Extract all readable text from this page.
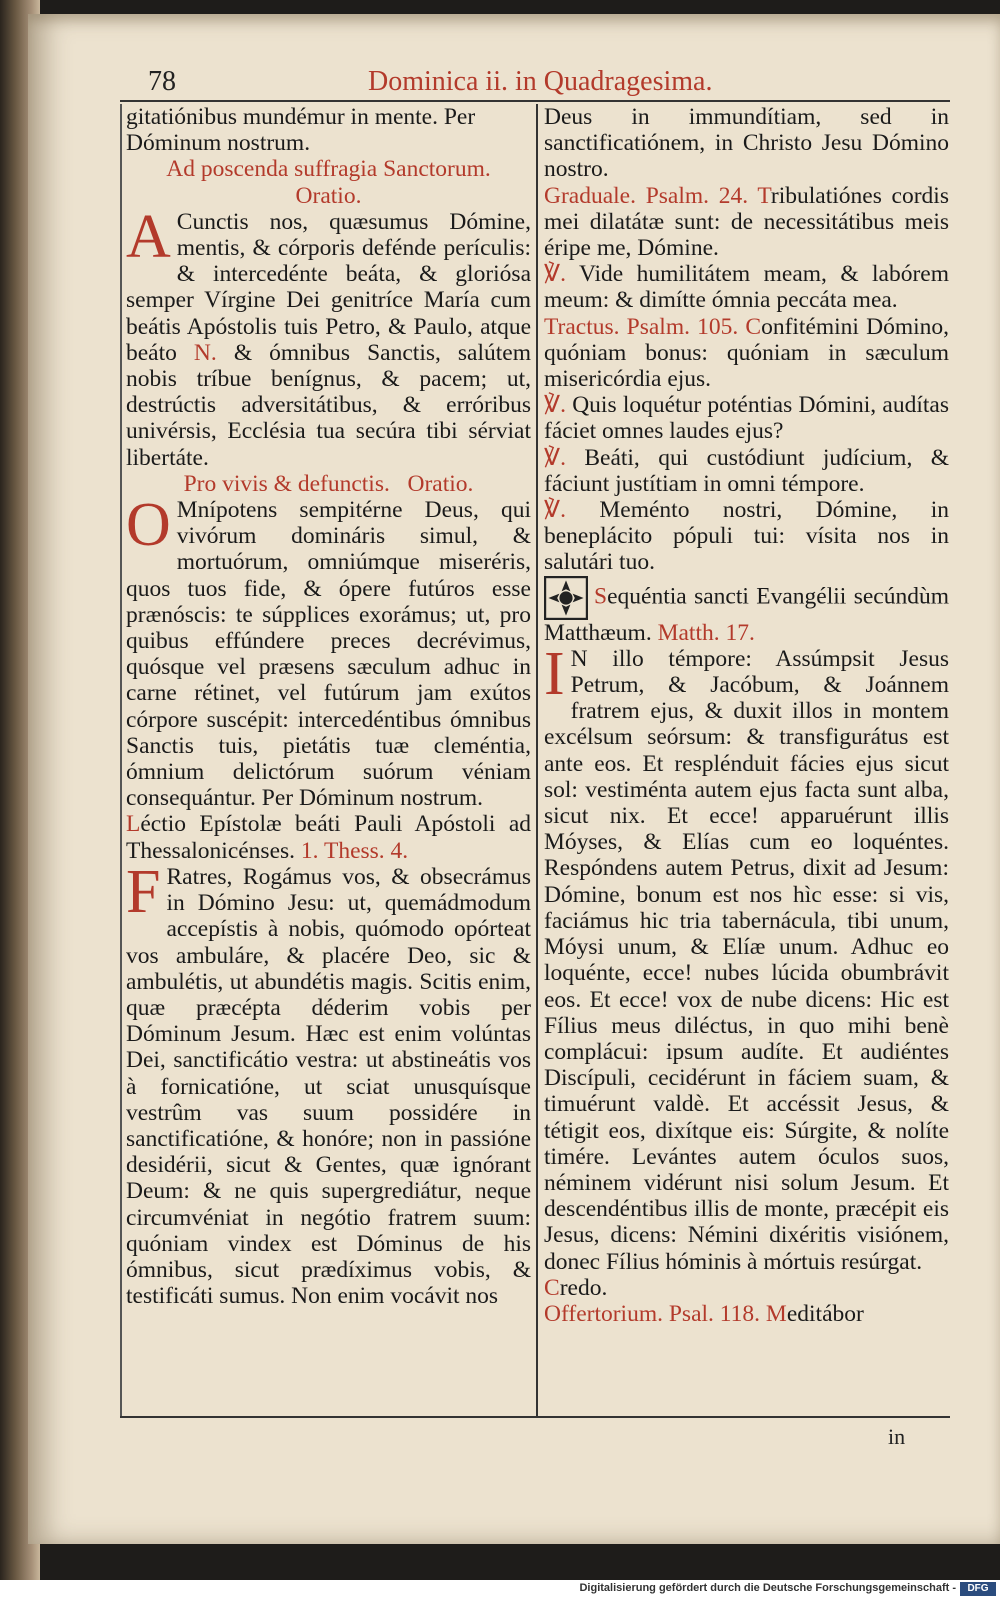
78	Dominica ii. in Quadragesima.

gitatiónibus mundémur in mente. Per

Dóminum nostrum.

Ad poscenda suffragia Sanctorum.

Oratio.

A Cunctis nos, quæsumus Dómine, mentis, & córporis defénde perículis: & intercedénte beáta, & gloriósa semper Vírgine Dei genitríce María cum beátis Apóstolis tuis Petro, & Paulo, atque beáto N. & ómnibus Sanctis, salútem nobis tríbue benígnus, & pacem; ut, destrúctis adversitátibus, & erróribus univérsis, Ecclésia tua secúra tibi sérviat libertáte.

Pro vivis & defunctis. Oratio.

O Mnípotens sempitérne Deus, qui vivórum domináris simul, & mortuórum, omniúmque miseréris, quos tuos fide, & ópere futúros esse prænóscis: te súpplices exorámus; ut, pro quibus effúndere preces decrévimus, quósque vel præsens sæculum adhuc in carne rétinet, vel futúrum jam exútos córpore suscépit: intercedéntibus ómnibus Sanctis tuis, pietátis tuæ cleméntia, ómnium delictórum suórum véniam consequántur. Per Dóminum nostrum.

Léctio Epístolæ beáti Pauli Apóstoli ad Thessalonicénses. 1. Thess. 4.

F Ratres, Rogámus vos, & obsecrámus in Dómino Jesu: ut, quemádmodum accepístis à nobis, quómodo opórteat vos ambuláre, & placére Deo, sic & ambulétis, ut abundétis magis. Scitis enim, quæ præcépta déderim vobis per Dóminum Jesum. Hæc est enim volúntas Dei, sanctificátio vestra: ut abstineátis vos à fornicatióne, ut sciat unusquísque vestrûm vas suum possidére in sanctificatióne, & honóre; non in passióne desidérii, sicut & Gentes, quæ ignórant Deum: & ne quis supergrediátur, neque circumvéniat in negótio fratrem suum: quóniam vindex est Dóminus de his ómnibus, sicut prædíximus vobis, & testificáti sumus. Non enim vocávit nos

Deus in immundítiam, sed in sanctificatiónem, in Christo Jesu Dómino nostro.

Graduale. Psalm. 24. Tribulatiónes cordis mei dilatátæ sunt: de necessitátibus meis éripe me, Dómine.

℣. Vide humilitátem meam, & labórem meum: & dimítte ómnia peccáta mea.

Tractus. Psalm. 105. Confitémini Dómino, quóniam bonus: quóniam in sæculum misericórdia ejus.

℣. Quis loquétur poténtias Dómini, audítas fáciet omnes laudes ejus?

℣. Beáti, qui custódiunt judícium, & fáciunt justítiam in omni témpore.

℣. Meménto nostri, Dómine, in beneplácito pópuli tui: vísita nos in salutári tuo.

Sequéntia sancti Evangélii secúndùm Matthæum. Matth. 17.

I N illo témpore: Assúmpsit Jesus Petrum, & Jacóbum, & Joánnem fratrem ejus, & duxit illos in montem excélsum seórsum: & transfigurátus est ante eos. Et resplénduit fácies ejus sicut sol: vestiménta autem ejus facta sunt alba, sicut nix. Et ecce! apparuérunt illis Móyses, & Elías cum eo loquéntes. Respóndens autem Petrus, dixit ad Jesum: Dómine, bonum est nos hìc esse: si vis, faciámus hic tria tabernácula, tibi unum, Móysi unum, & Elíæ unum. Adhuc eo loquénte, ecce! nubes lúcida obumbrávit eos. Et ecce! vox de nube dicens: Hic est Fílius meus diléctus, in quo mihi benè complácui: ipsum audíte. Et audiéntes Discípuli, cecidérunt in fáciem suam, & timuérunt valdè. Et accéssit Jesus, & tétigit eos, dixítque eis: Súrgite, & nolíte timére. Levántes autem óculos suos, néminem vidérunt nisi solum Jesum. Et descendéntibus illis de monte, præcépit eis Jesus, dicens: Némini dixéritis visiónem, donec Fílius hóminis à mórtuis resúrgat.

Credo.

Offertorium. Psal. 118. Meditábor

in
Digitalisierung gefördert durch die Deutsche Forschungsgemeinschaft -	DFG
